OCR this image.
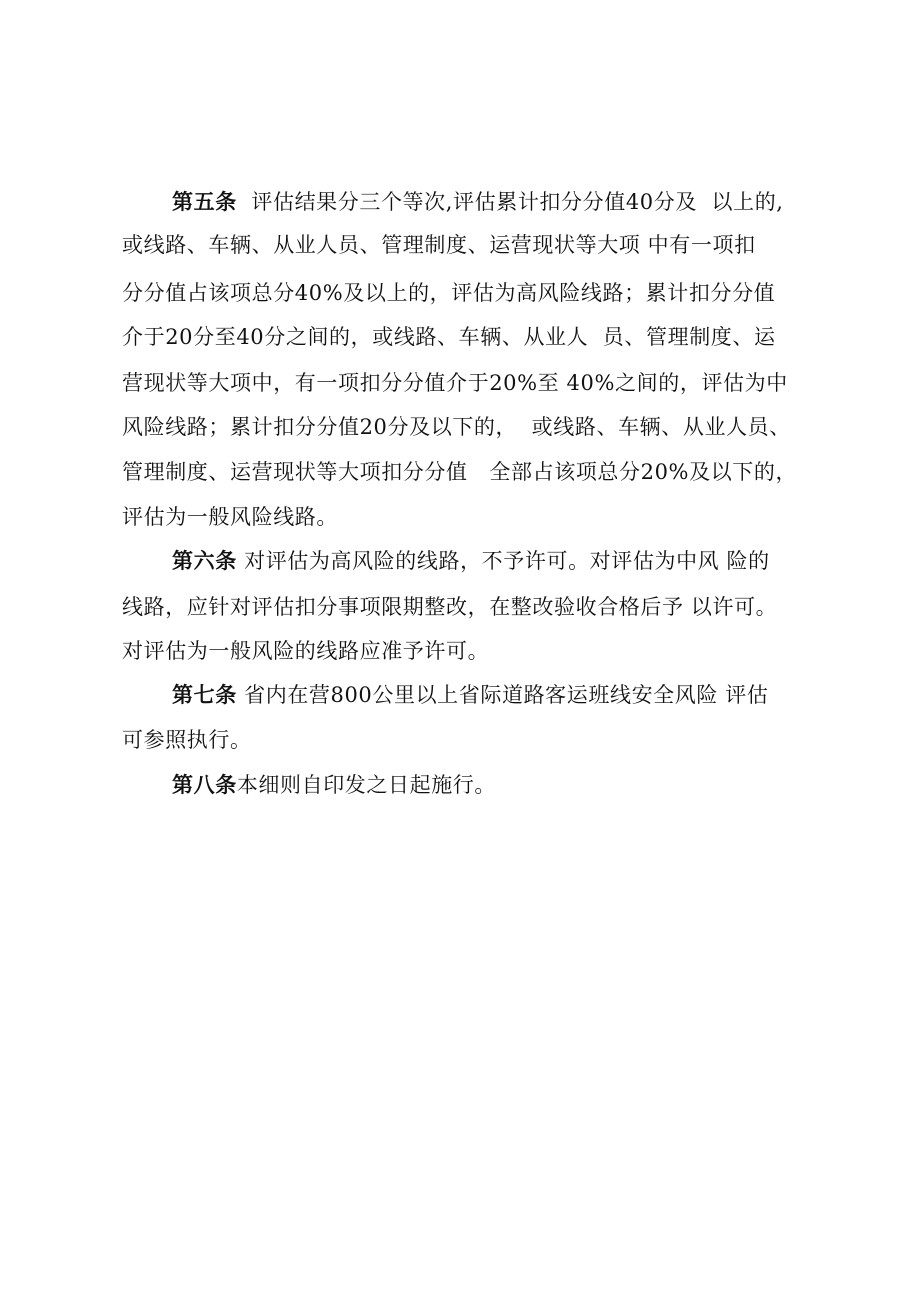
第五条  评估结果分三个等次,评估累计扣分分值40分及  以上的,
或线路、车辆、从业人员、管理制度、运营现状等大项 中有一项扣
分分值占该项总分40%及以上的，评估为高风险线路；累计扣分分值
介于20分至40分之间的，或线路、车辆、从业人  员、管理制度、运
营现状等大项中，有一项扣分分值介于20%至 40%之间的，评估为中
风险线路；累计扣分分值20分及以下的，  或线路、车辆、从业人员、
管理制度、运营现状等大项扣分分值   全部占该项总分20%及以下的，
评估为一般风险线路。
第六条 对评估为高风险的线路，不予许可。对评估为中风 险的
线路，应针对评估扣分事项限期整改，在整改验收合格后予 以许可。
对评估为一般风险的线路应准予许可。
第七条 省内在营800公里以上省际道路客运班线安全风险 评估
可参照执行。
第八条本细则自印发之日起施行。
